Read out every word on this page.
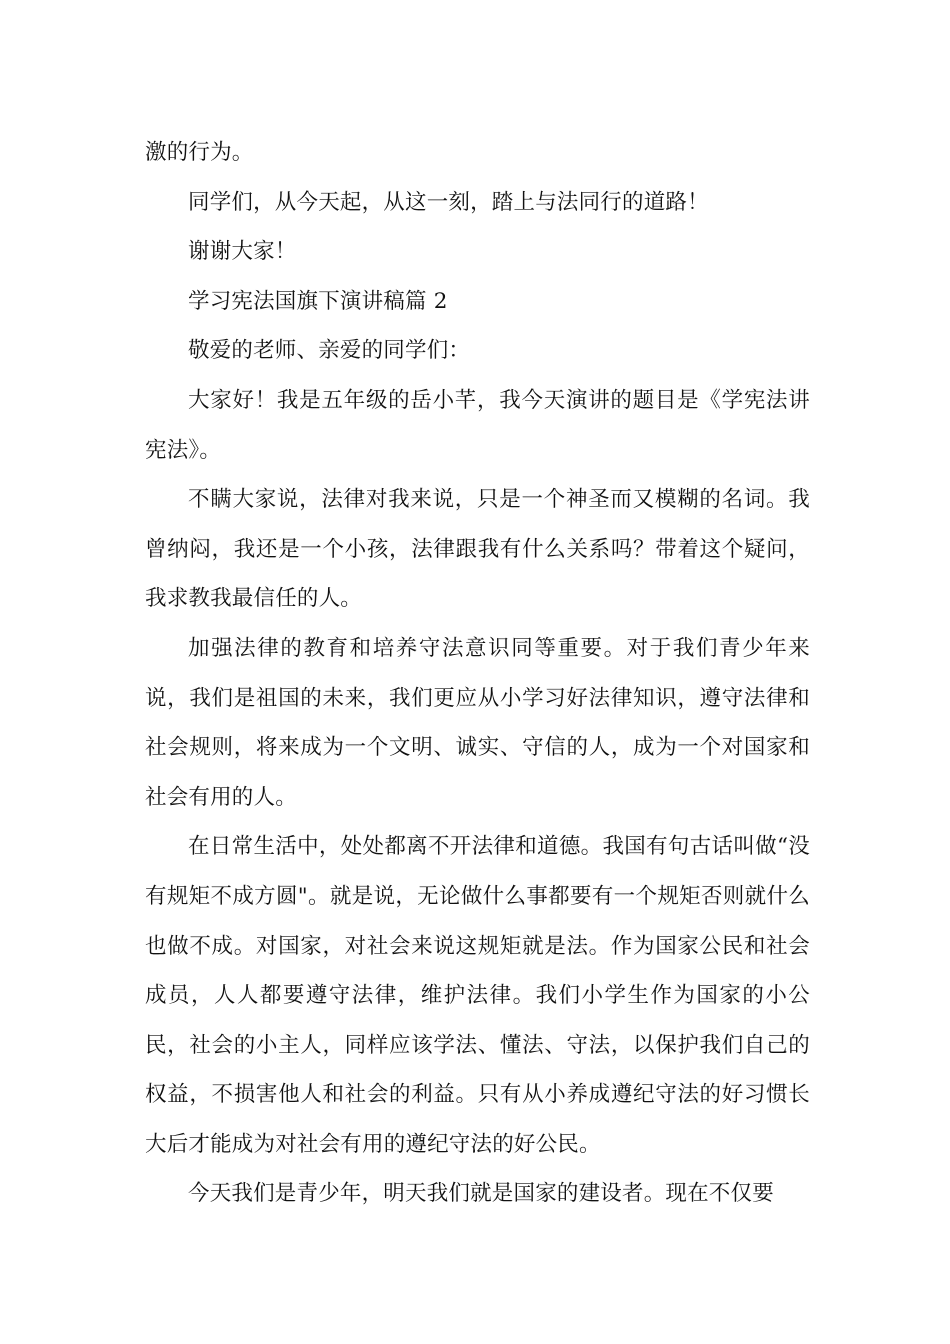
激的行为。

同学们，从今天起，从这一刻，踏上与法同行的道路！

谢谢大家！

学习宪法国旗下演讲稿篇 2

敬爱的老师、亲爱的同学们：

大家好！我是五年级的岳小芊，我今天演讲的题目是《学宪法讲宪法》。

不瞒大家说，法律对我来说，只是一个神圣而又模糊的名词。我曾纳闷，我还是一个小孩，法律跟我有什么关系吗？带着这个疑问，我求教我最信任的人。

加强法律的教育和培养守法意识同等重要。对于我们青少年来说，我们是祖国的未来，我们更应从小学习好法律知识，遵守法律和社会规则，将来成为一个文明、诚实、守信的人，成为一个对国家和社会有用的人。

在日常生活中，处处都离不开法律和道德。我国有句古话叫做“没有规矩不成方圆"。就是说，无论做什么事都要有一个规矩否则就什么也做不成。对国家，对社会来说这规矩就是法。作为国家公民和社会成员，人人都要遵守法律，维护法律。我们小学生作为国家的小公民，社会的小主人，同样应该学法、懂法、守法，以保护我们自己的权益，不损害他人和社会的利益。只有从小养成遵纪守法的好习惯长大后才能成为对社会有用的遵纪守法的好公民。

今天我们是青少年，明天我们就是国家的建设者。现在不仅要
